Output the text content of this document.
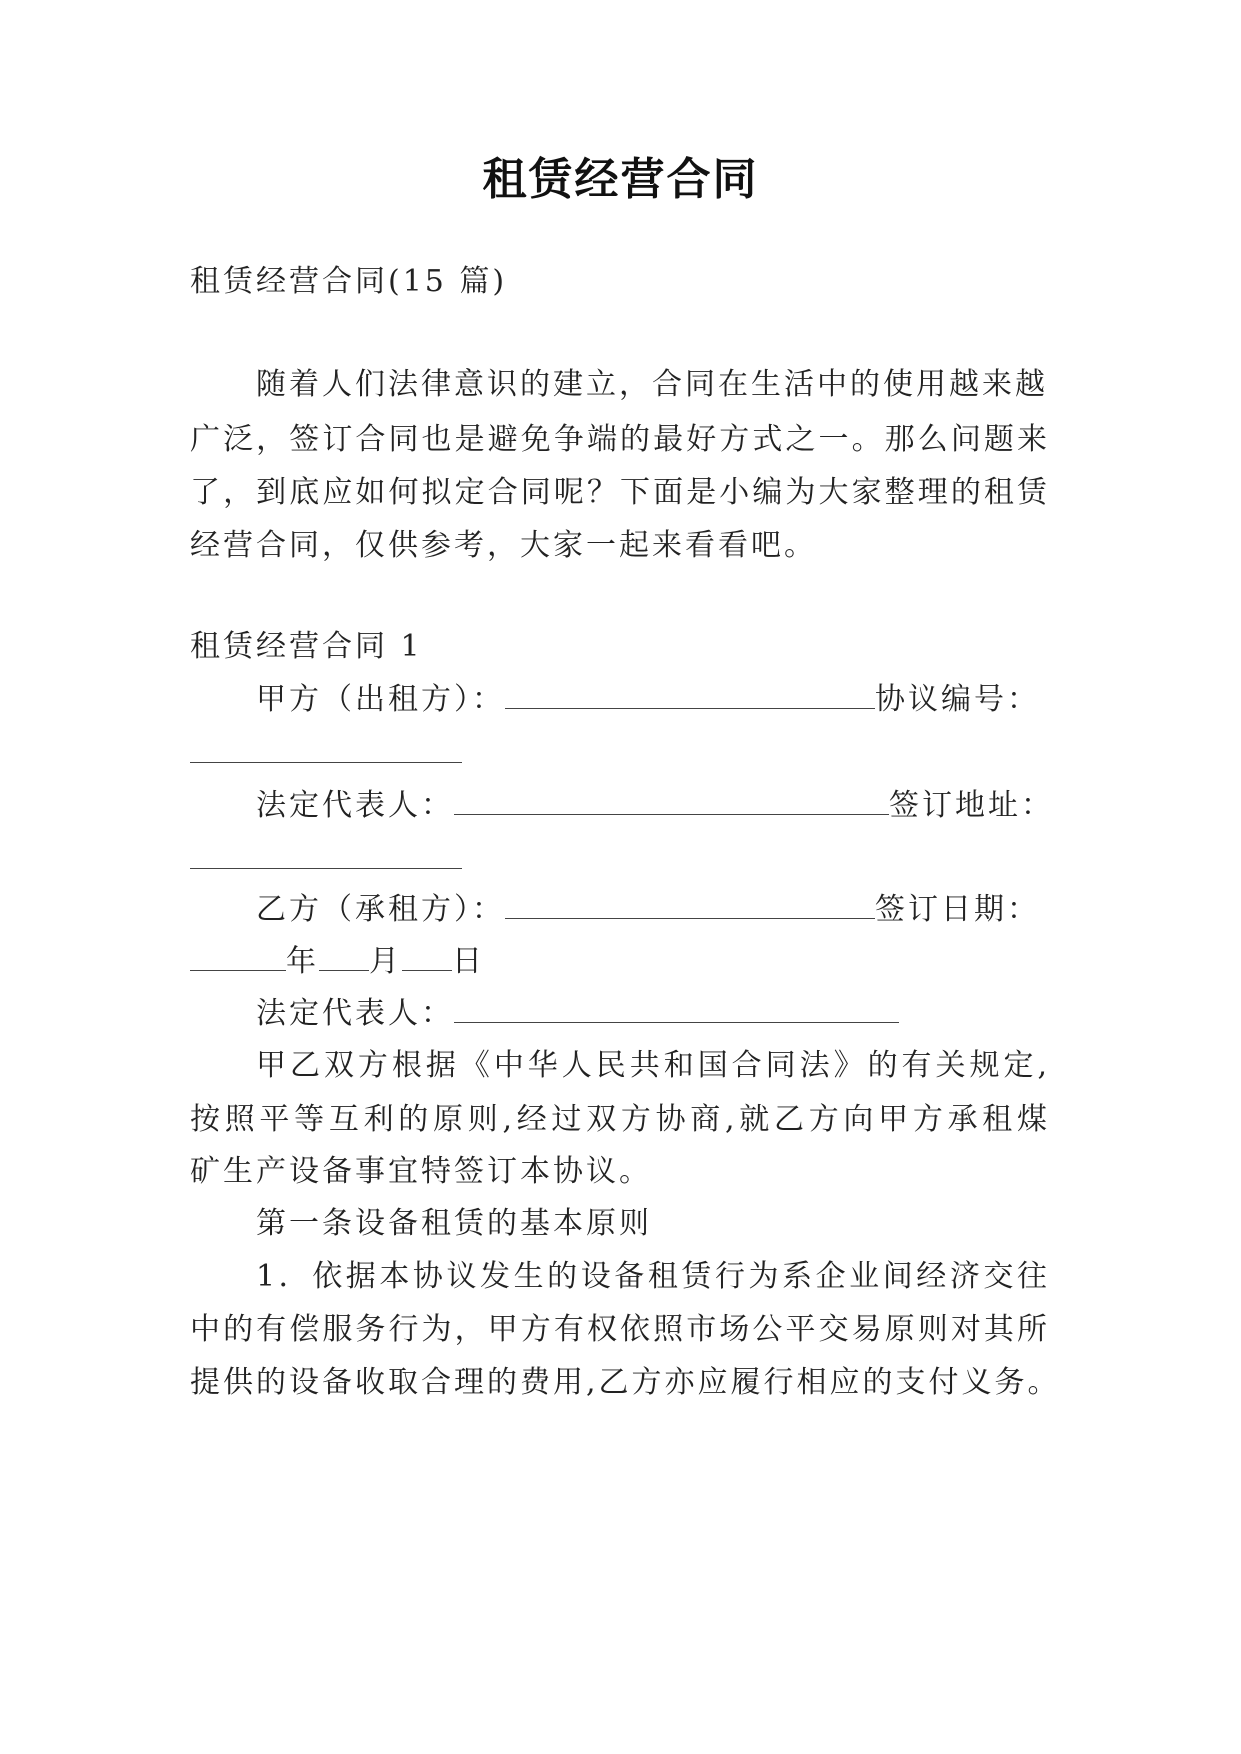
租赁经营合同
租赁经营合同(15 篇)
随着人们法律意识的建立，合同在生活中的使用越来越
广泛，签订合同也是避免争端的最好方式之一。那么问题来
了，到底应如何拟定合同呢？下面是小编为大家整理的租赁
经营合同，仅供参考，大家一起来看看吧。
租赁经营合同 1
甲方（出租方）：	协议编号：
法定代表人：	签订地址：
乙方（承租方）：	签订日期：
年 月 日
法定代表人：
甲乙双方根据《中华人民共和国合同法》的有关规定,
按照平等互利的原则,经过双方协商,就乙方向甲方承租煤
矿生产设备事宜特签订本协议。
第一条设备租赁的基本原则
1．依据本协议发生的设备租赁行为系企业间经济交往
中的有偿服务行为，甲方有权依照市场公平交易原则对其所
提供的设备收取合理的费用,乙方亦应履行相应的支付义务。
